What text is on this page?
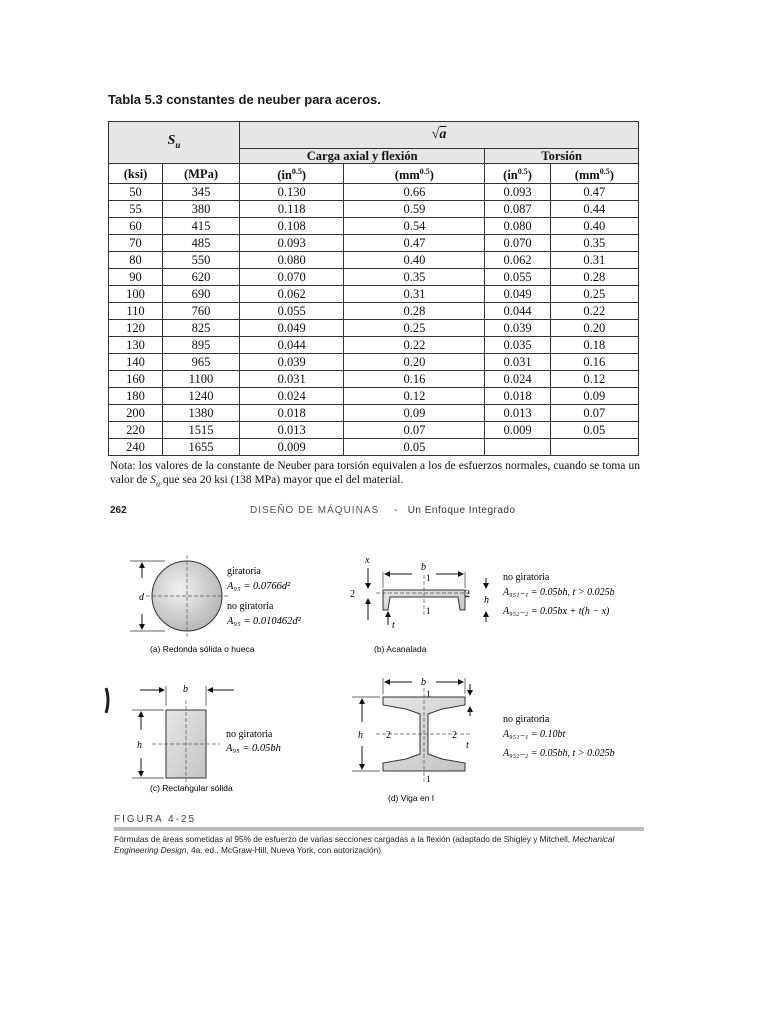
Tabla 5.3 constantes de neuber para aceros.
$S_u$		√a			
		Carga axial y flexión		Torsión	
(ksi)	(MPa)	$(in^{0.5})$	$(mm^{0.5})$	$(in^{0.5})$	$(mm^{0.5})$
50	345	0.130	0.66	0.093	0.47
55	380	0.118	0.59	0.087	0.44
60	415	0.108	0.54	0.080	0.40
70	485	0.093	0.47	0.070	0.35
80	550	0.080	0.40	0.062	0.31
90	620	0.070	0.35	0.055	0.28
100	690	0.062	0.31	0.049	0.25
110	760	0.055	0.28	0.044	0.22
120	825	0.049	0.25	0.039	0.20
130	895	0.044	0.22	0.035	0.18
140	965	0.039	0.20	0.031	0.16
160	1100	0.031	0.16	0.024	0.12
180	1240	0.024	0.12	0.018	0.09
200	1380	0.018	0.09	0.013	0.07
220	1515	0.013	0.07	0.009	0.05
240	1655	0.009	0.05		
Nota: los valores de la constante de Neuber para torsión equivalen a los de esfuerzos normales, cuando se toma un valor de $S_u$ que sea 20 ksi (138 MPa) mayor que el del material.
262	DISEÑO DE MÁQUINAS - Un Enfoque Integrado
d
giratoria
A₉₅ = 0.0766d²
no giratoria
A₉₅ = 0.010462d²
(a) Redonda sólida o hueca
b
x
2	2
1
1
h
t
no giratoria
A₉₅₁₋₁ = 0.05bh, t > 0.025b
A₉₅₂₋₂ = 0.05bx + t(h − x)
(b) Acanalada
b
h
no giratoria
A₉₅ = 0.05bh
(c) Rectangular sólida
b
h 2	2
1
1
t
no giratoria
A₉₅₁₋₁ = 0.10bt
A₉₅₂₋₂ = 0.05bh, t > 0.025b
(d) Viga en I
FIGURA 4-25
Fórmulas de áreas sometidas al 95% de esfuerzo de varias secciones cargadas a la flexión (adaptado de Shigley y Mitchell, Mechanical Engineering Design, 4a. ed., McGraw-Hill, Nueva York, con autorización)
